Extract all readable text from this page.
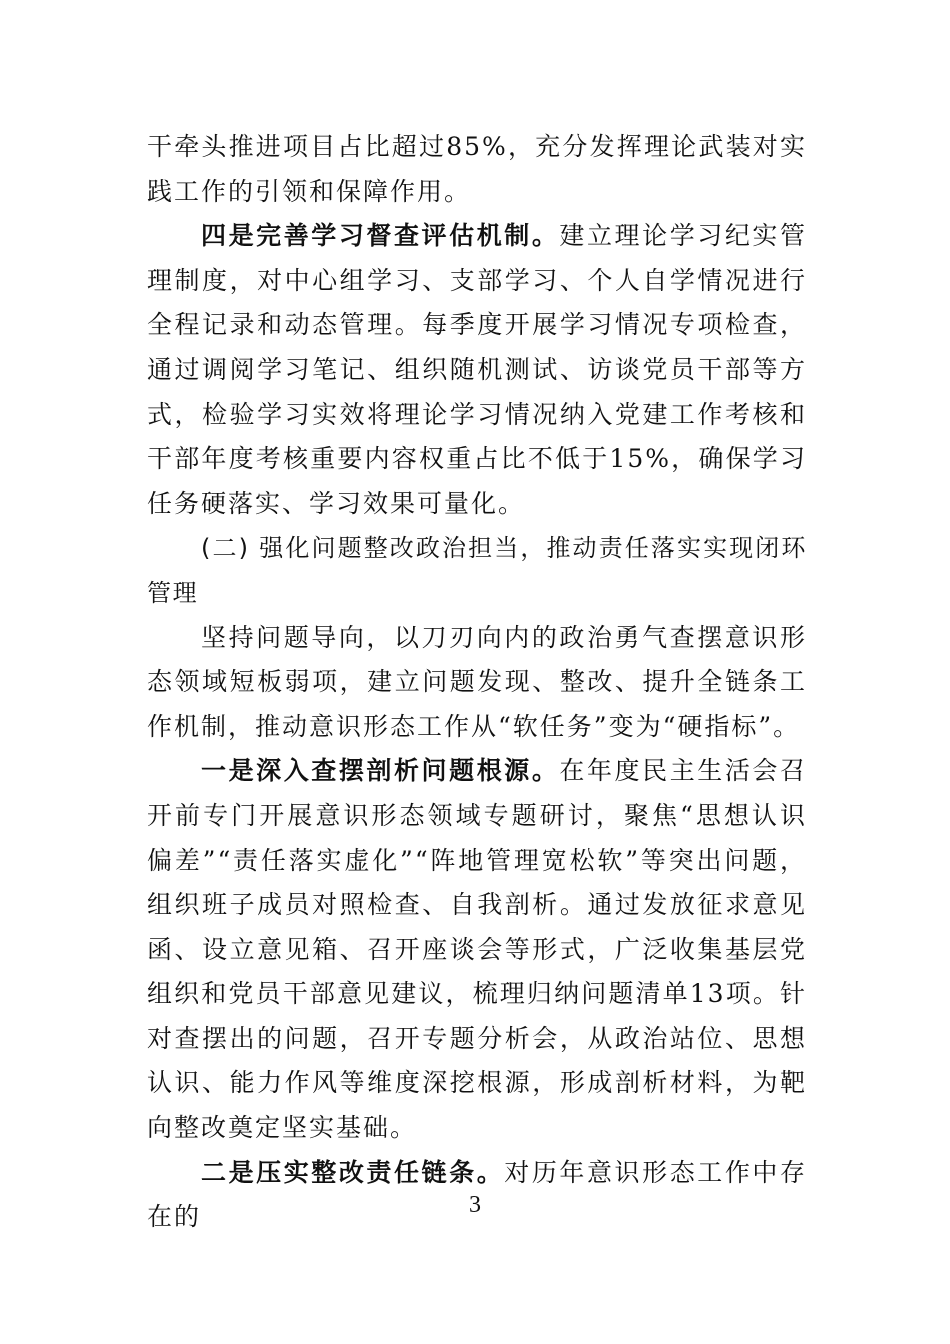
干牵头推进项目占比超过85%，充分发挥理论武装对实践工作的引领和保障作用。

四是完善学习督查评估机制。建立理论学习纪实管理制度，对中心组学习、支部学习、个人自学情况进行全程记录和动态管理。每季度开展学习情况专项检查，通过调阅学习笔记、组织随机测试、访谈党员干部等方式，检验学习实效将理论学习情况纳入党建工作考核和干部年度考核重要内容权重占比不低于15%，确保学习任务硬落实、学习效果可量化。

(二) 强化问题整改政治担当，推动责任落实实现闭环管理

坚持问题导向，以刀刃向内的政治勇气查摆意识形态领域短板弱项，建立问题发现、整改、提升全链条工作机制，推动意识形态工作从“软任务”变为“硬指标”。

一是深入查摆剖析问题根源。在年度民主生活会召开前专门开展意识形态领域专题研讨，聚焦“思想认识偏差”“责任落实虚化”“阵地管理宽松软”等突出问题，组织班子成员对照检查、自我剖析。通过发放征求意见函、设立意见箱、召开座谈会等形式，广泛收集基层党组织和党员干部意见建议，梳理归纳问题清单13项。针对查摆出的问题，召开专题分析会，从政治站位、思想认识、能力作风等维度深挖根源，形成剖析材料，为靶向整改奠定坚实基础。

二是压实整改责任链条。对历年意识形态工作中存在的	3
